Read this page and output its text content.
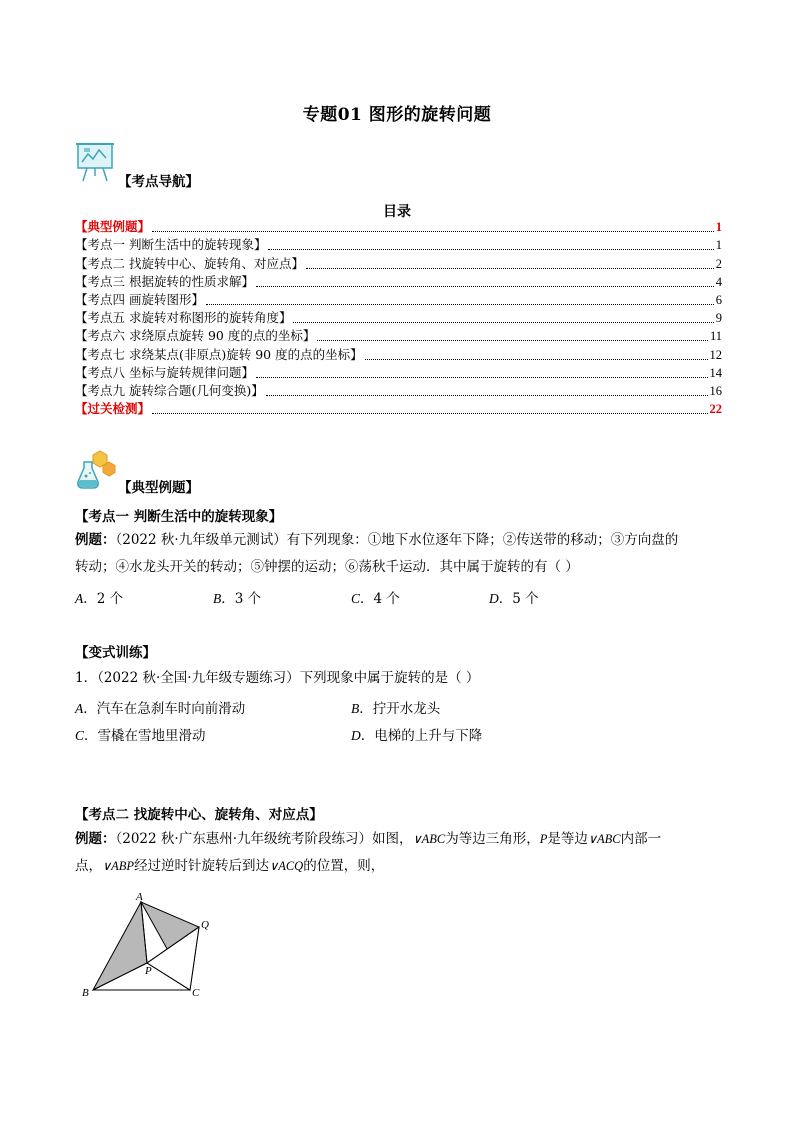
专题01 图形的旋转问题
【考点导航】
目录
【典型例题】	1
【考点一 判断生活中的旋转现象】	1
【考点二 找旋转中心、旋转角、对应点】	2
【考点三 根据旋转的性质求解】	4
【考点四 画旋转图形】	6
【考点五 求旋转对称图形的旋转角度】	9
【考点六 求绕原点旋转 90 度的点的坐标】	11
【考点七 求绕某点(非原点)旋转 90 度的点的坐标】	12
【考点八 坐标与旋转规律问题】	14
【考点九 旋转综合题(几何变换)】	16
【过关检测】	22
【典型例题】
【考点一 判断生活中的旋转现象】
例题：（2022 秋·九年级单元测试）有下列现象：①地下水位逐年下降；②传送带的移动；③方向盘的
转动；④水龙头开关的转动；⑤钟摆的运动；⑥荡秋千运动．其中属于旋转的有（ ）
A．2 个	B．3 个	C．4 个	D．5 个
【变式训练】
1．（2022 秋·全国·九年级专题练习）下列现象中属于旋转的是（ ）
A．汽车在急刹车时向前滑动	B．拧开水龙头
C．雪橇在雪地里滑动	D．电梯的上升与下降
【考点二 找旋转中心、旋转角、对应点】
例题：（2022 秋·广东惠州·九年级统考阶段练习）如图，∨ABC为等边三角形，P是等边∨ABC内部一
点，∨ABP经过逆时针旋转后到达∨ACQ的位置，则，
A
B	C
P
Q
